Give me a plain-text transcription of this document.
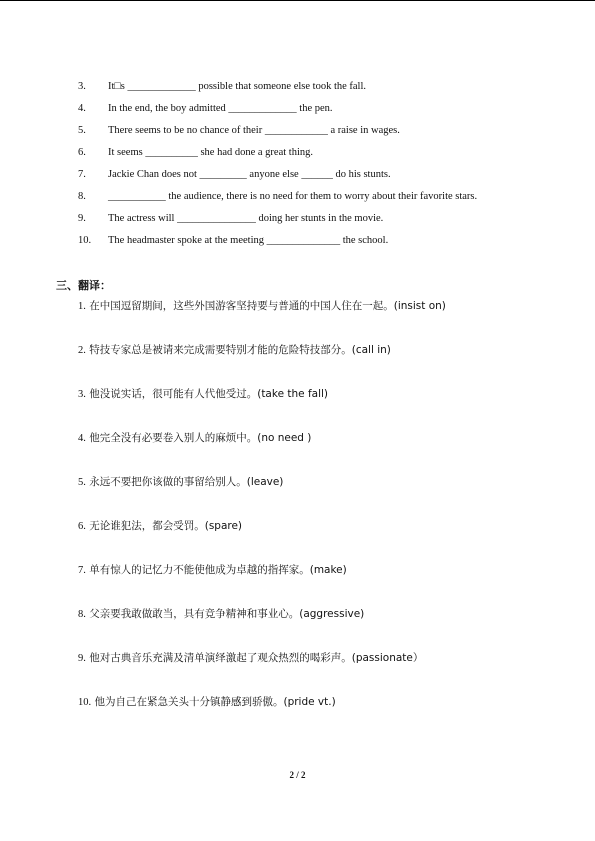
3.	It□s _____________ possible that someone else took the fall.
4.	In the end, the boy admitted _____________ the pen.
5.	There seems to be no chance of their ____________ a raise in wages.
6.	It seems __________ she had done a great thing.
7.	Jackie Chan does not _________ anyone else ______ do his stunts.
8.	___________ the audience, there is no need for them to worry about their favorite stars.
9.	The actress will _______________ doing her stunts in the movie.
10.	The headmaster spoke at the meeting ______________ the school.
三、翻译：
1. 在中国逗留期间，这些外国游客坚持要与普通的中国人住在一起。(insist on)
2. 特技专家总是被请来完成需要特别才能的危险特技部分。(call in)
3. 他没说实话，很可能有人代他受过。(take the fall)
4. 他完全没有必要卷入别人的麻烦中。(no need )
5. 永远不要把你该做的事留给别人。(leave)
6. 无论谁犯法，都会受罚。(spare)
7. 单有惊人的记忆力不能使他成为卓越的指挥家。(make)
8. 父亲要我敢做敢当，具有竞争精神和事业心。(aggressive)
9. 他对古典音乐充满及清单演绎激起了观众热烈的喝彩声。(passionate）
10. 他为自己在紧急关头十分镇静感到骄傲。(pride vt.)
2 / 2
